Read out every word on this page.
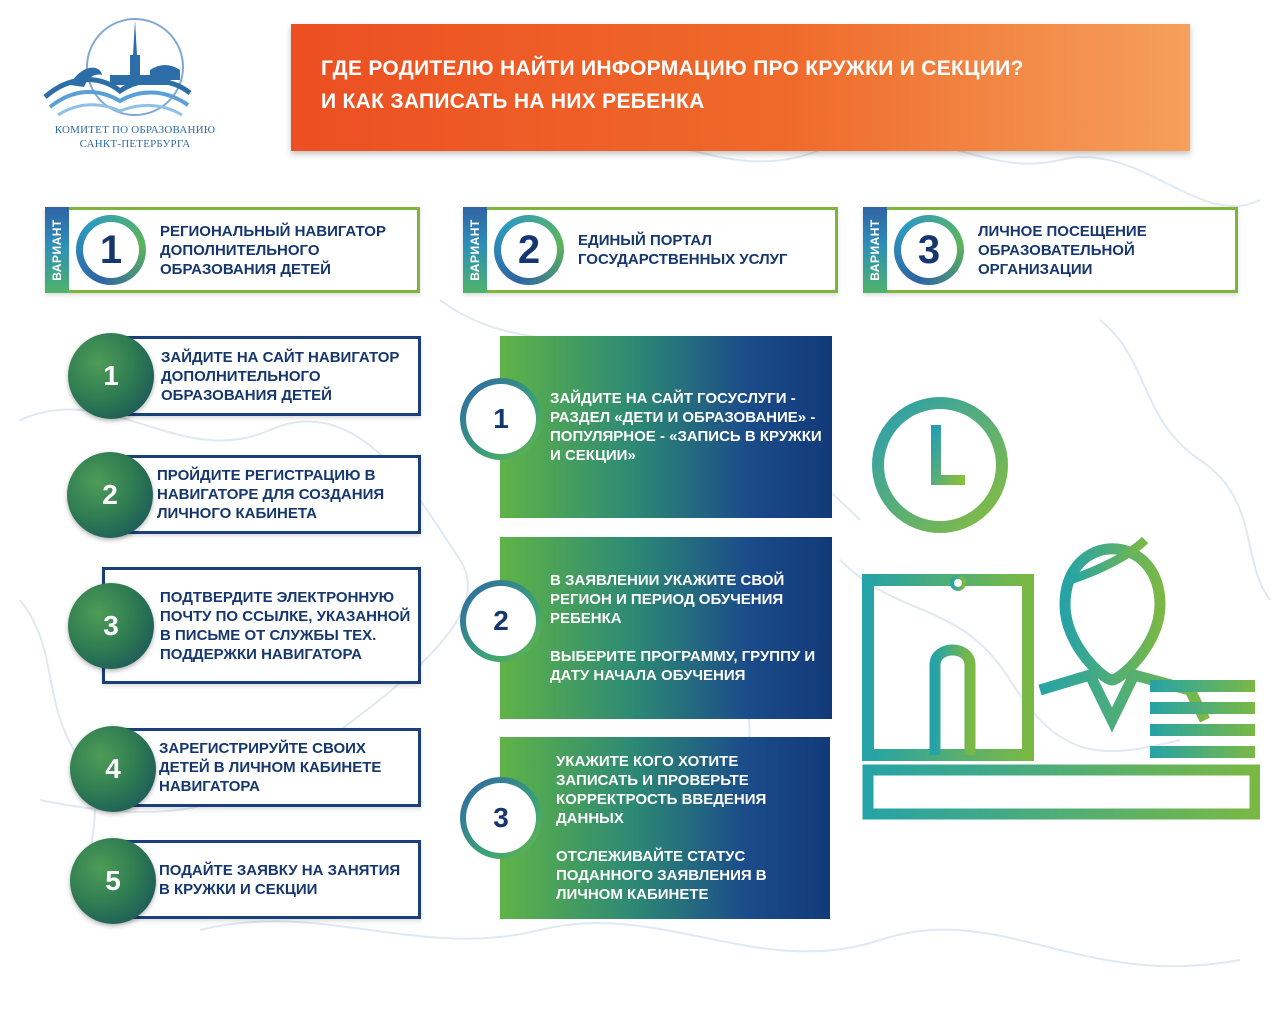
КОМИТЕТ ПО ОБРАЗОВАНИЮ
САНКТ-ПЕТЕРБУРГА
ГДЕ РОДИТЕЛЮ НАЙТИ ИНФОРМАЦИЮ ПРО КРУЖКИ И СЕКЦИИ?
И КАК ЗАПИСАТЬ НА НИХ РЕБЕНКА
ВАРИАНТ 1	РЕГИОНАЛЬНЫЙ НАВИГАТОР ДОПОЛНИТЕЛЬНОГО ОБРАЗОВАНИЯ ДЕТЕЙ	ВАРИАНТ 2	ЕДИНЫЙ ПОРТАЛ ГОСУДАРСТВЕННЫХ УСЛУГ	ВАРИАНТ 3	ЛИЧНОЕ ПОСЕЩЕНИЕ ОБРАЗОВАТЕЛЬНОЙ ОРГАНИЗАЦИИ
ЗАЙДИТЕ НА САЙТ НАВИГАТОР ДОПОЛНИТЕЛЬНОГО ОБРАЗОВАНИЯ ДЕТЕЙ
1
ПРОЙДИТЕ РЕГИСТРАЦИЮ В НАВИГАТОРЕ ДЛЯ СОЗДАНИЯ ЛИЧНОГО КАБИНЕТА
2
ПОДТВЕРДИТЕ ЭЛЕКТРОННУЮ ПОЧТУ ПО ССЫЛКЕ, УКАЗАННОЙ В ПИСЬМЕ ОТ СЛУЖБЫ ТЕХ. ПОДДЕРЖКИ НАВИГАТОРА
3
ЗАРЕГИСТРИРУЙТЕ СВОИХ ДЕТЕЙ В ЛИЧНОМ КАБИНЕТЕ НАВИГАТОРА
4
ПОДАЙТЕ ЗАЯВКУ НА ЗАНЯТИЯ В КРУЖКИ И СЕКЦИИ
5

ЗАЙДИТЕ НА САЙТ ГОСУСЛУГИ - РАЗДЕЛ «ДЕТИ И ОБРАЗОВАНИЕ» - ПОПУЛЯРНОЕ - «ЗАПИСЬ В КРУЖКИ И СЕКЦИИ»

1

В ЗАЯВЛЕНИИ УКАЖИТЕ СВОЙ РЕГИОН И ПЕРИОД ОБУЧЕНИЯ РЕБЕНКА

ВЫБЕРИТЕ ПРОГРАММУ, ГРУППУ И ДАТУ НАЧАЛА ОБУЧЕНИЯ

2

УКАЖИТЕ КОГО ХОТИТЕ ЗАПИСАТЬ И ПРОВЕРЬТЕ КОРРЕКТРОСТЬ ВВЕДЕНИЯ ДАННЫХ

ОТСЛЕЖИВАЙТЕ СТАТУС ПОДАННОГО ЗАЯВЛЕНИЯ В ЛИЧНОМ КАБИНЕТЕ

3
